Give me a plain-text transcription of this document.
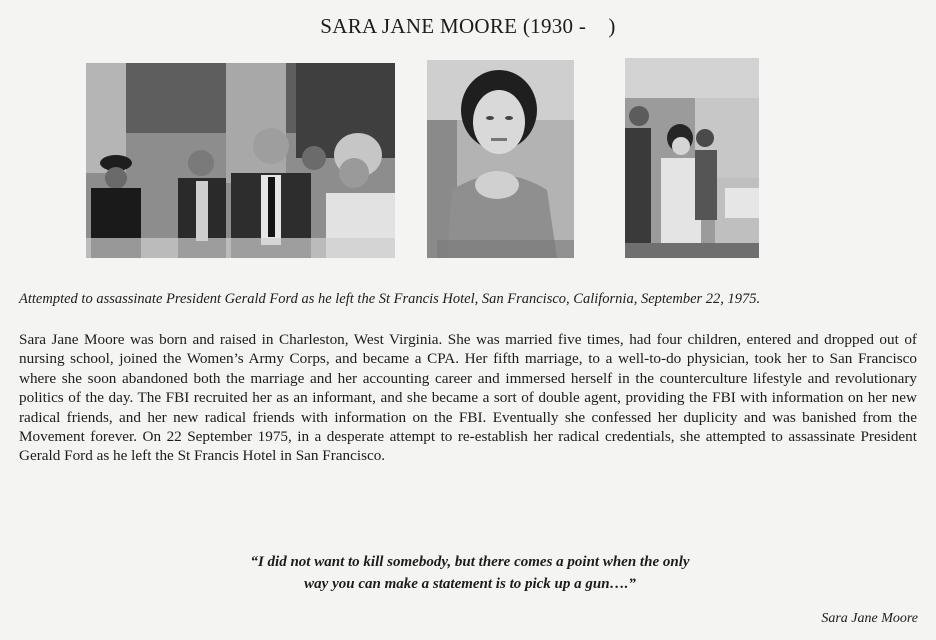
SARA JANE MOORE (1930 -    )
Attempted to assassinate President Gerald Ford as he left the St Francis Hotel, San Francisco, California, September 22, 1975.
Sara Jane Moore was born and raised in Charleston, West Virginia. She was married five times, had four children, entered and dropped out of nursing school, joined the Women’s Army Corps, and became a CPA. Her fifth marriage, to a well-to-do physician, took her to San Francisco where she soon abandoned both the marriage and her accounting career and immersed herself in the counterculture lifestyle and revolutionary politics of the day. The FBI recruited her as an informant, and she became a sort of double agent, providing the FBI with information on her new radical friends, and her new radical friends with information on the FBI. Eventually she confessed her duplicity and was banished from the Movement forever. On 22 September 1975, in a desperate attempt to re-establish her radical credentials, she attempted to assassinate President Gerald Ford as he left the St Francis Hotel in San Francisco.
“I did not want to kill somebody, but there comes a point when the only
way you can make a statement is to pick up a gun….”
Sara Jane Moore
